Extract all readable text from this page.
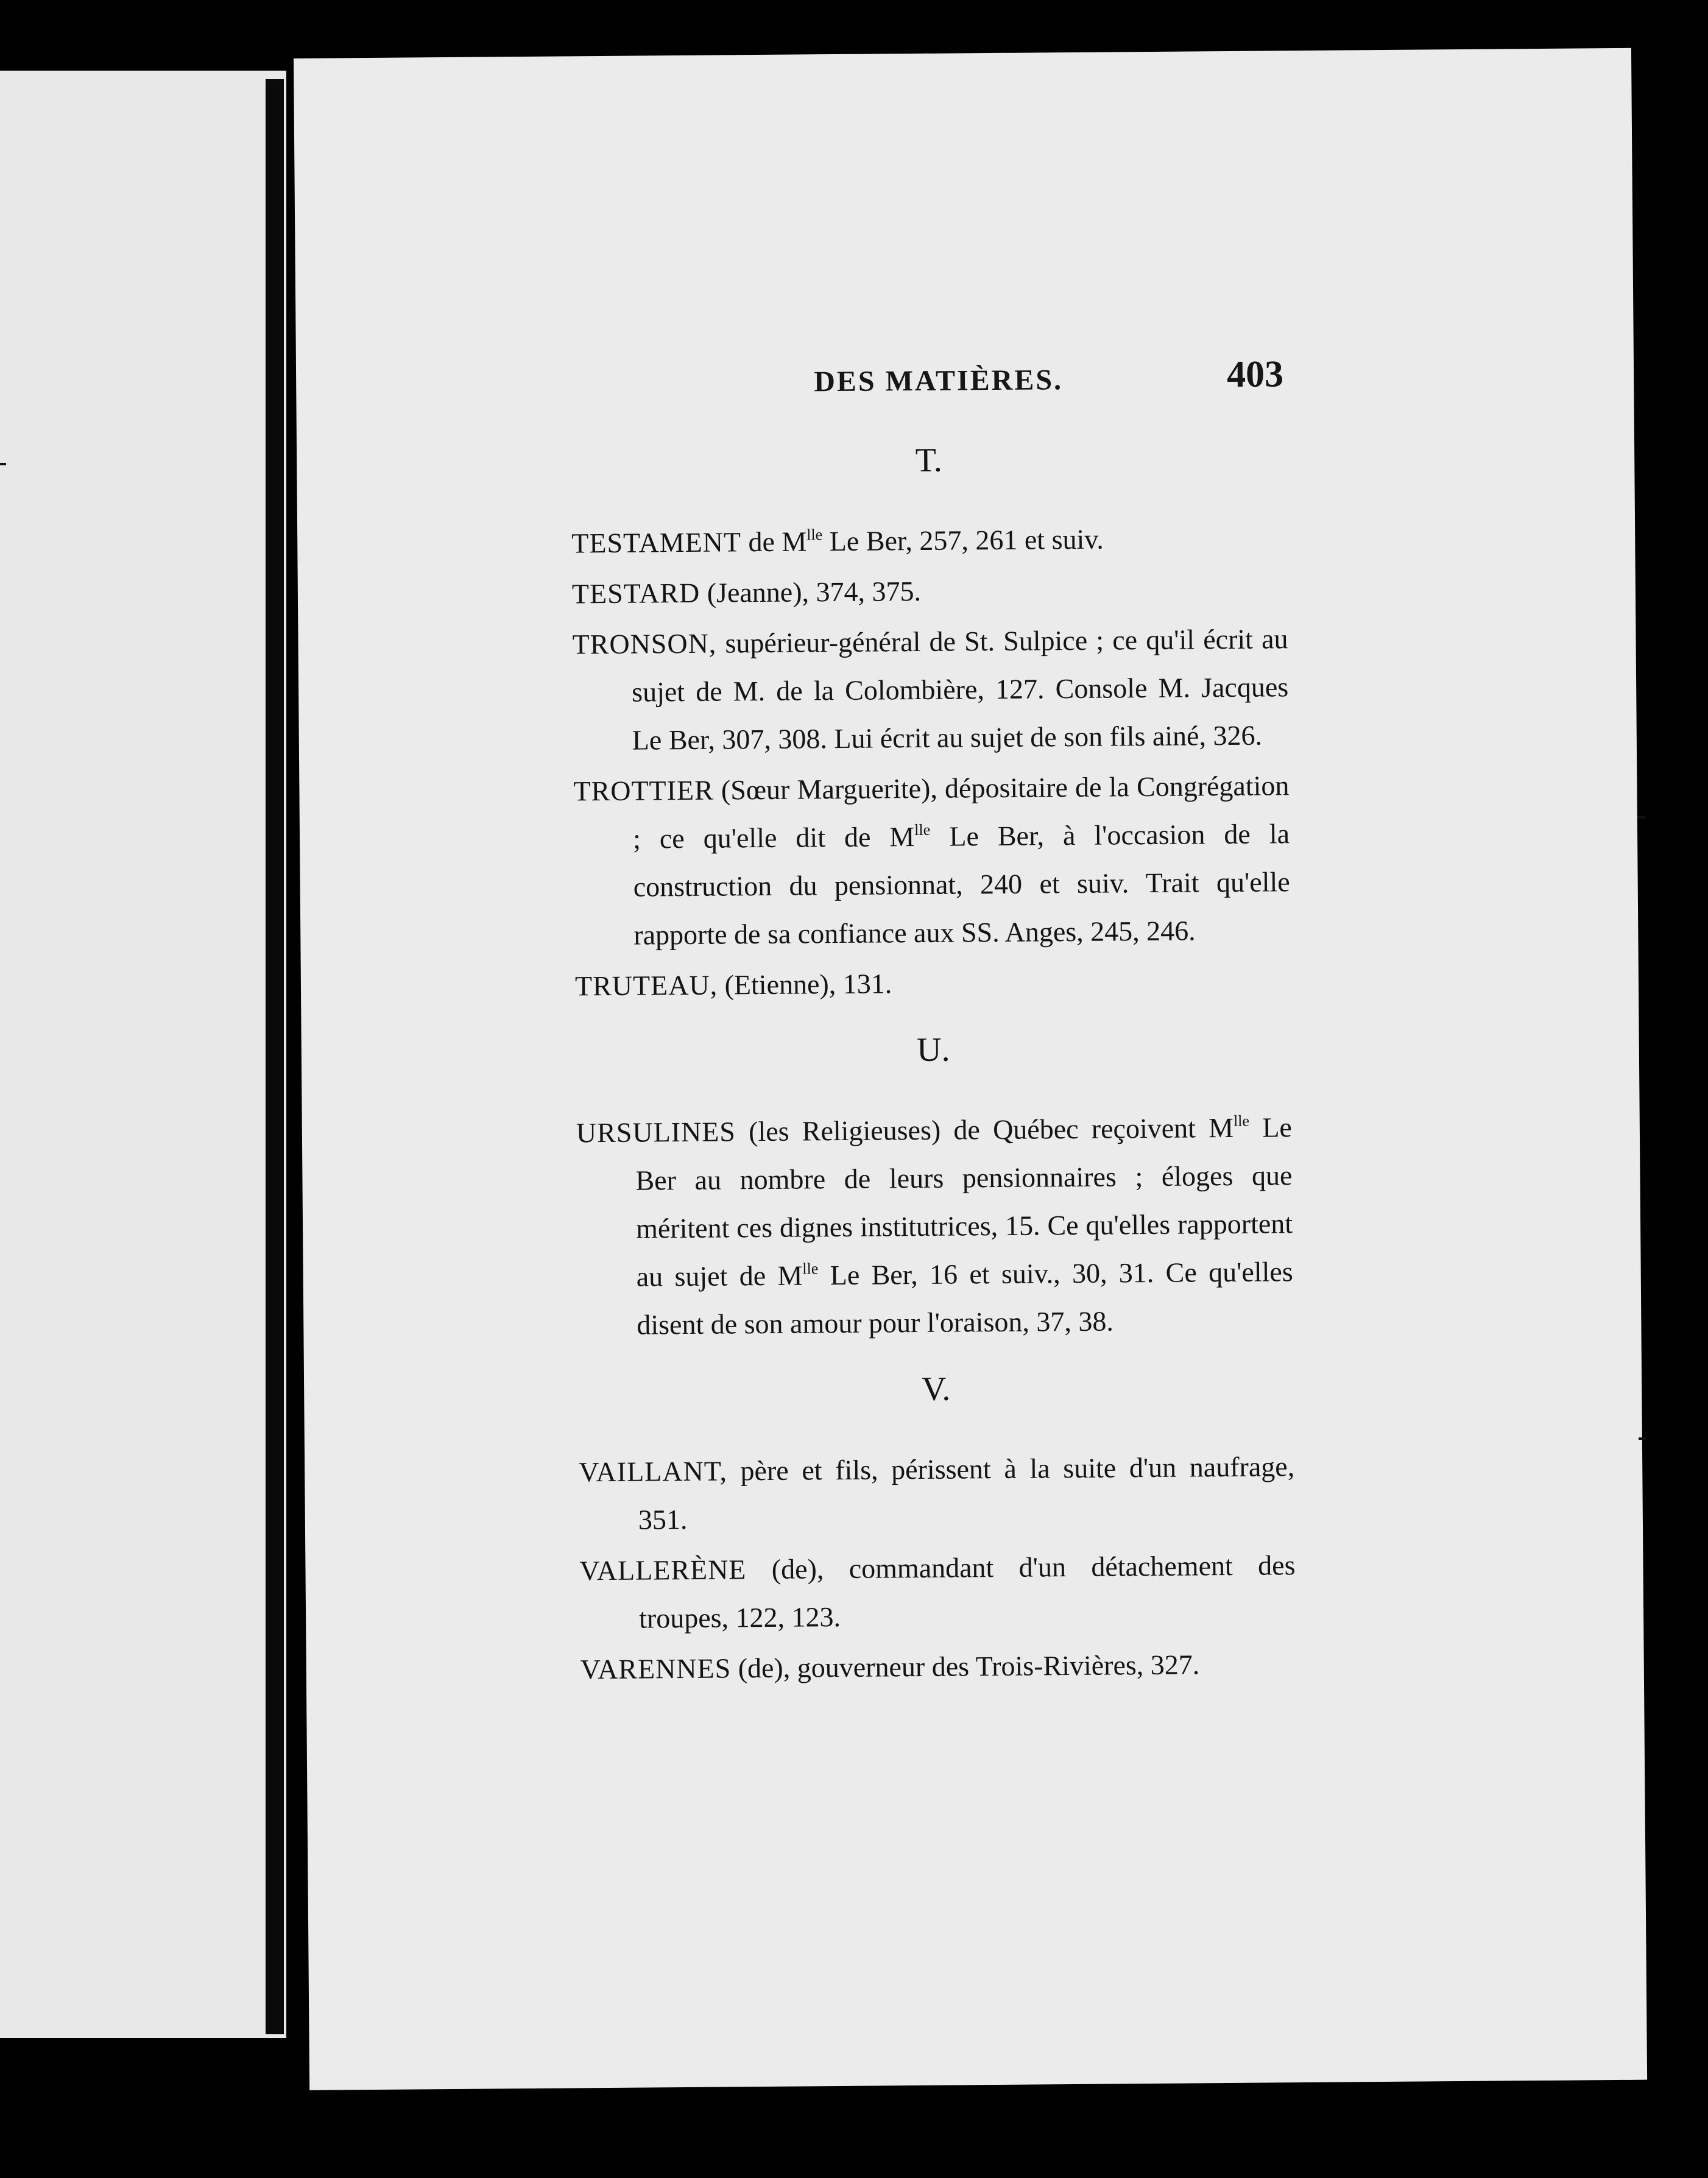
DES MATIÈRES.	403
T.
TESTAMENT de $M^{lle}$ Le Ber, 257, 261 et suiv.
TESTARD (Jeanne), 374, 375.
TRONSON, supérieur-général de St. Sulpice ; ce qu'il écrit au sujet de M. de la Colombière, 127. Console M. Jacques Le Ber, 307, 308. Lui écrit au sujet de son fils ainé, 326.
TROTTIER (Sœur Marguerite), dépositaire de la Congrégation ; ce qu'elle dit de $M^{lle}$ Le Ber, à l'occasion de la construction du pensionnat, 240 et suiv. Trait qu'elle rapporte de sa confiance aux SS. Anges, 245, 246.
TRUTEAU, (Etienne), 131.
U.
URSULINES (les Religieuses) de Québec reçoivent $M^{lle}$ Le Ber au nombre de leurs pensionnaires ; éloges que méritent ces dignes institutrices, 15. Ce qu'elles rapportent au sujet de $M^{lle}$ Le Ber, 16 et suiv., 30, 31. Ce qu'elles disent de son amour pour l'oraison, 37, 38.
V.
VAILLANT, père et fils, périssent à la suite d'un naufrage, 351.
VALLERÈNE (de), commandant d'un détachement des troupes, 122, 123.
VARENNES (de), gouverneur des Trois-Rivières, 327.
